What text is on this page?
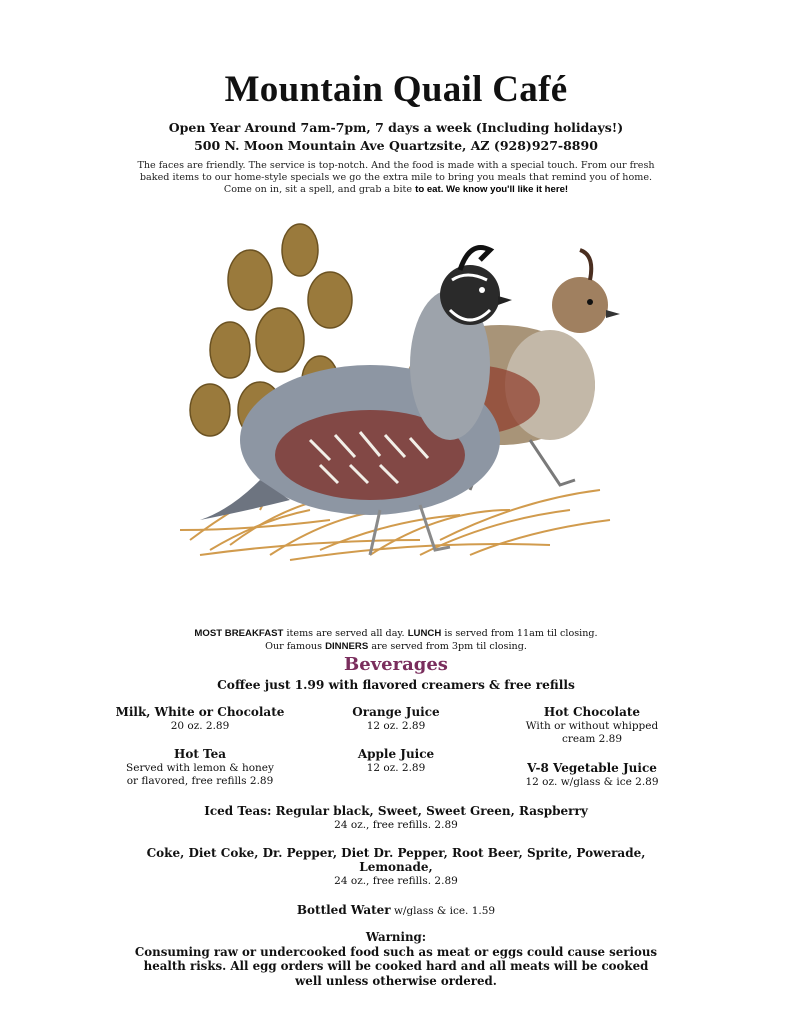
Mountain Quail Café
Open Year Around 7am-7pm, 7 days a week (Including holidays!)
500 N. Moon Mountain Ave Quartzsite, AZ (928)927-8890
The faces are friendly. The service is top-notch. And the food is made with a special touch. From our fresh baked items to our home-style specials we go the extra mile to bring you meals that remind you of home. Come on in, sit a spell, and grab a bite to eat. We know you'll like it here!
MOST BREAKFAST items are served all day. LUNCH is served from 11am til closing.
Our famous DINNERS are served from 3pm til closing.
Beverages
Coffee just 1.99 with flavored creamers & free refills
Milk, White or Chocolate
20 oz. 2.89
Orange Juice
12 oz. 2.89
Hot Chocolate
With or without whipped
cream 2.89
Hot Tea
Served with lemon & honey
or flavored, free refills 2.89
Apple Juice
12 oz. 2.89	V-8 Vegetable Juice
12 oz. w/glass & ice 2.89
Iced Teas: Regular black, Sweet, Sweet Green, Raspberry
24 oz., free refills. 2.89
Coke, Diet Coke, Dr. Pepper, Diet Dr. Pepper, Root Beer, Sprite, Powerade,
Lemonade,
24 oz., free refills. 2.89
Bottled Water w/glass & ice. 1.59
Warning:
Consuming raw or undercooked food such as meat or eggs could cause serious health risks. All egg orders will be cooked hard and all meats will be cooked well unless otherwise ordered.
